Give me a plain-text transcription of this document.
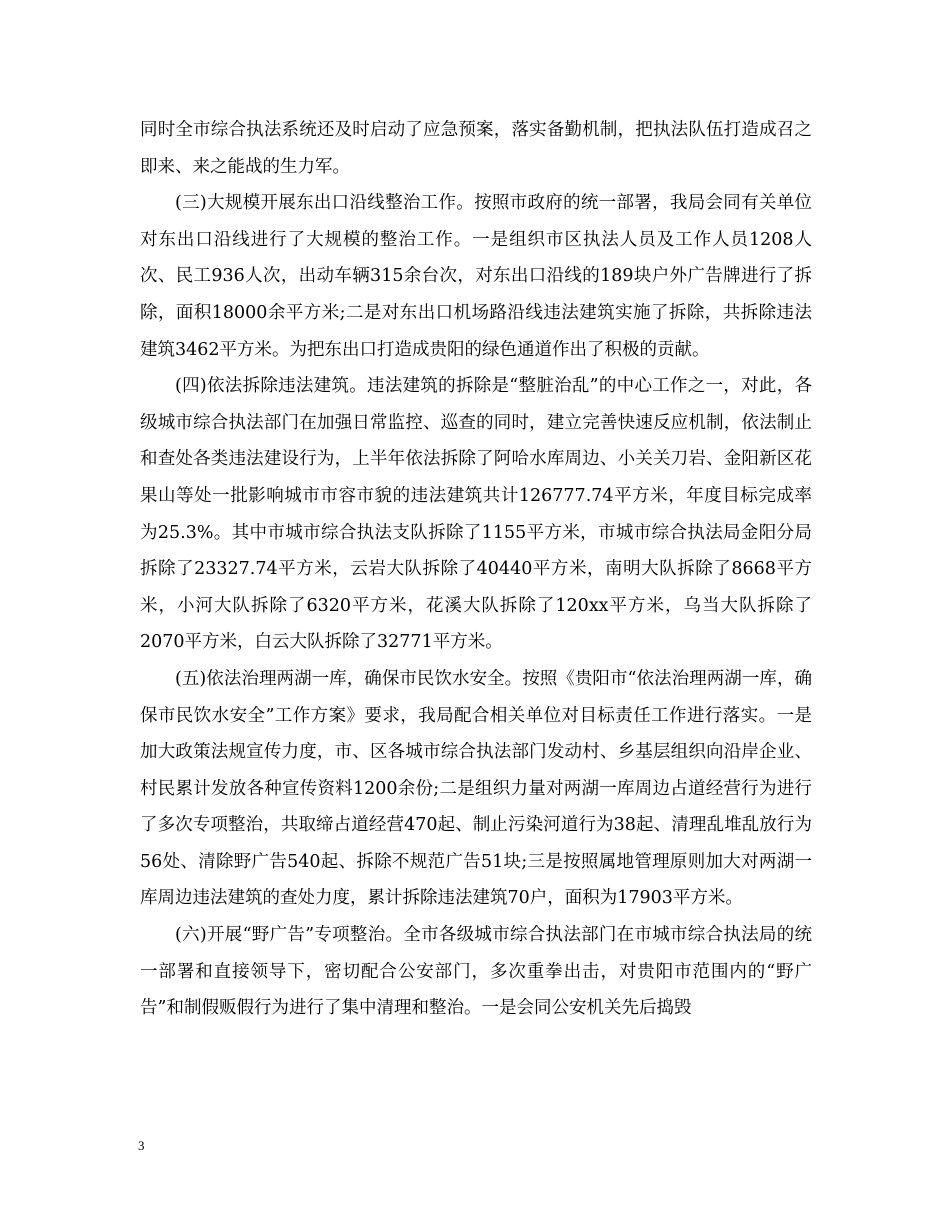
同时全市综合执法系统还及时启动了应急预案，落实备勤机制，把执法队伍打造成召之即来、来之能战的生力军。

(三)大规模开展东出口沿线整治工作。按照市政府的统一部署，我局会同有关单位对东出口沿线进行了大规模的整治工作。一是组织市区执法人员及工作人员1208人次、民工936人次，出动车辆315余台次，对东出口沿线的189块户外广告牌进行了拆除，面积18000余平方米;二是对东出口机场路沿线违法建筑实施了拆除，共拆除违法建筑3462平方米。为把东出口打造成贵阳的绿色通道作出了积极的贡献。

(四)依法拆除违法建筑。违法建筑的拆除是“整脏治乱”的中心工作之一，对此，各级城市综合执法部门在加强日常监控、巡查的同时，建立完善快速反应机制，依法制止和查处各类违法建设行为，上半年依法拆除了阿哈水库周边、小关关刀岩、金阳新区花果山等处一批影响城市市容市貌的违法建筑共计126777.74平方米，年度目标完成率为25.3%。其中市城市综合执法支队拆除了1155平方米，市城市综合执法局金阳分局拆除了23327.74平方米，云岩大队拆除了40440平方米，南明大队拆除了8668平方米，小河大队拆除了6320平方米，花溪大队拆除了120xx平方米，乌当大队拆除了2070平方米，白云大队拆除了32771平方米。

(五)依法治理两湖一库，确保市民饮水安全。按照《贵阳市“依法治理两湖一库，确保市民饮水安全”工作方案》要求，我局配合相关单位对目标责任工作进行落实。一是加大政策法规宣传力度，市、区各城市综合执法部门发动村、乡基层组织向沿岸企业、村民累计发放各种宣传资料1200余份;二是组织力量对两湖一库周边占道经营行为进行了多次专项整治，共取缔占道经营470起、制止污染河道行为38起、清理乱堆乱放行为56处、清除野广告540起、拆除不规范广告51块;三是按照属地管理原则加大对两湖一库周边违法建筑的查处力度，累计拆除违法建筑70户，面积为17903平方米。

(六)开展“野广告”专项整治。全市各级城市综合执法部门在市城市综合执法局的统一部署和直接领导下，密切配合公安部门，多次重拳出击，对贵阳市范围内的“野广告”和制假贩假行为进行了集中清理和整治。一是会同公安机关先后捣毁

3
